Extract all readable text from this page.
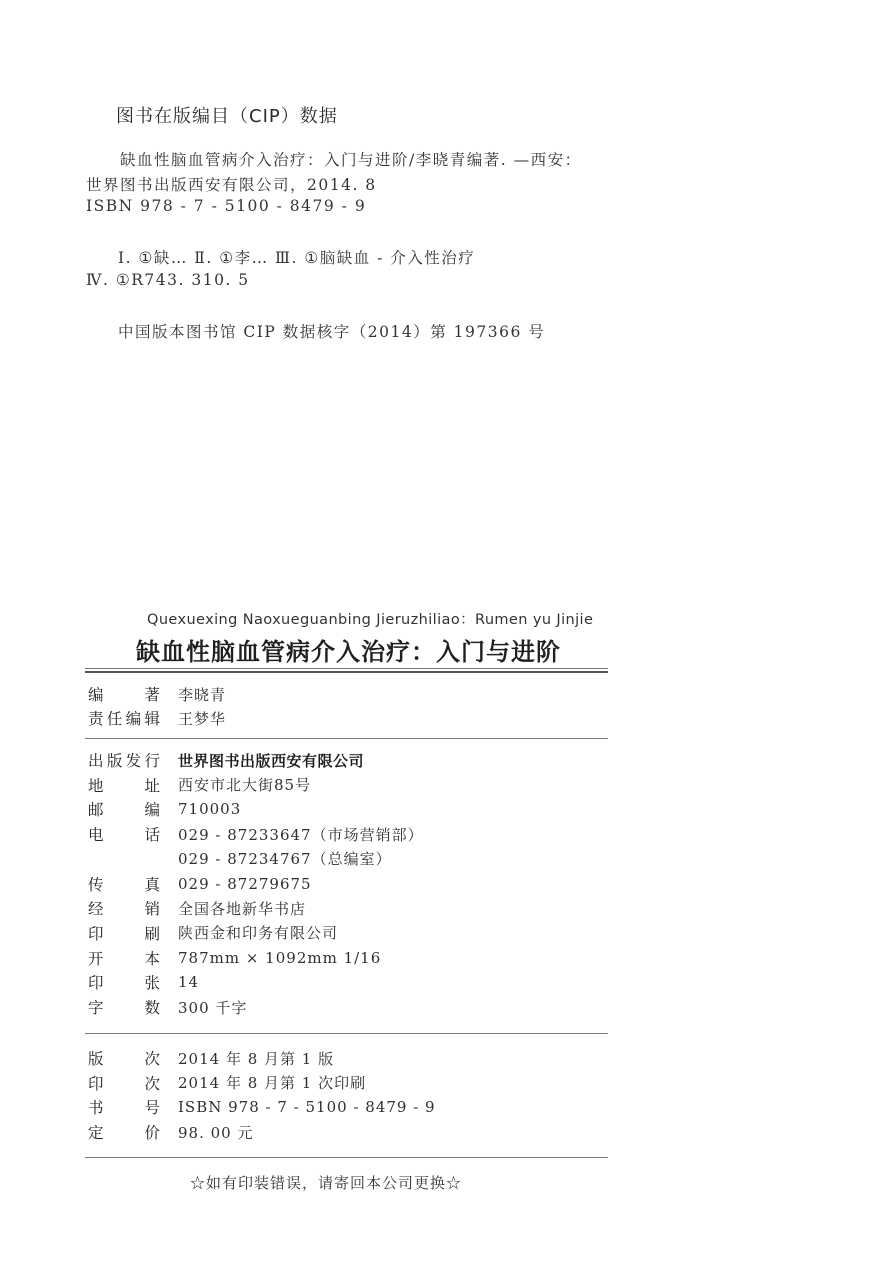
图书在版编目（CIP）数据
缺血性脑血管病介入治疗：入门与进阶/李晓青编著. —西安：
世界图书出版西安有限公司，2014. 8
ISBN 978 - 7 - 5100 - 8479 - 9
Ⅰ. ①缺… Ⅱ. ①李… Ⅲ. ①脑缺血 - 介入性治疗
Ⅳ. ①R743. 310. 5
中国版本图书馆 CIP 数据核字（2014）第 197366 号
Quexuexing Naoxueguanbing Jieruzhiliao：Rumen yu Jinjie
缺血性脑血管病介入治疗：入门与进阶
编	著 李晓青
责 任 编 辑 王梦华
出 版 发 行 世界图书出版西安有限公司
地	址 西安市北大街85号
邮	编 710003
电	话 029 - 87233647（市场营销部）
029 - 87234767（总编室）
传	真 029 - 87279675
经	销 全国各地新华书店
印	刷 陕西金和印务有限公司
开	本 787mm × 1092mm 1/16
印	张 14
字	数 300 千字
版	次 2014 年 8 月第 1 版
印	次 2014 年 8 月第 1 次印刷
书	号 ISBN 978 - 7 - 5100 - 8479 - 9
定	价 98. 00 元
☆如有印装错误，请寄回本公司更换☆
